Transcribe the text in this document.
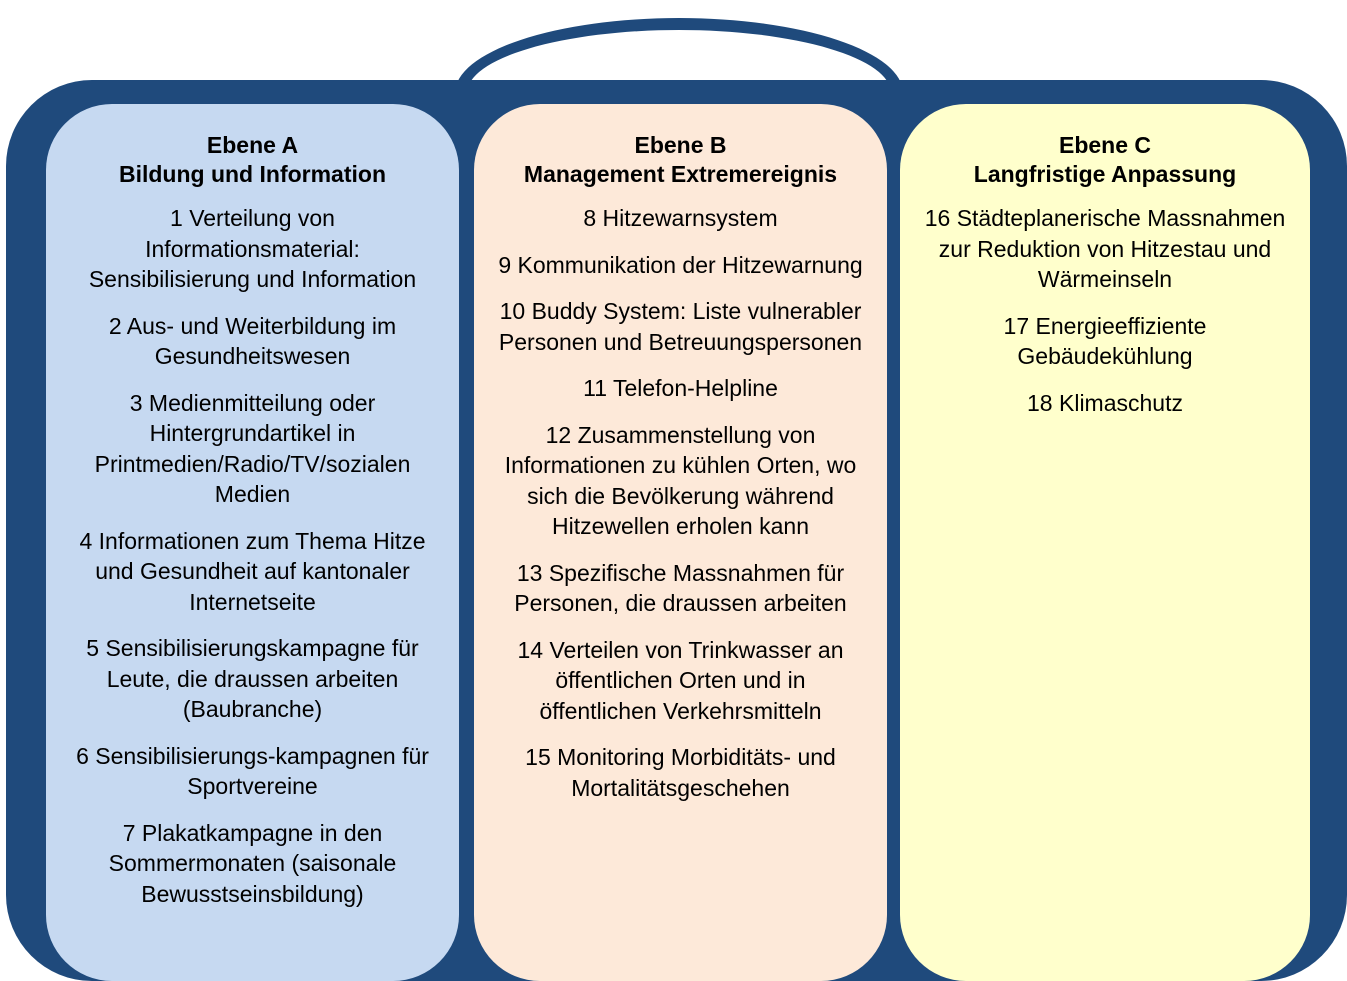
Ebene A
Bildung und Information
1 Verteilung von Informationsmaterial: Sensibilisierung und Information
2 Aus- und Weiterbildung im Gesundheitswesen
3 Medienmitteilung oder Hintergrundartikel in Printmedien/Radio/TV/sozialen Medien
4 Informationen zum Thema Hitze und Gesundheit auf kantonaler Internetseite
5 Sensibilisierungskampagne für Leute, die draussen arbeiten (Baubranche)
6 Sensibilisierungs-kampagnen für Sportvereine
7 Plakatkampagne in den Sommermonaten (saisonale Bewusstseinsbildung)
Ebene B
Management Extremereignis
8 Hitzewarnsystem
9 Kommunikation der Hitzewarnung
10 Buddy System: Liste vulnerabler Personen und Betreuungspersonen
11 Telefon-Helpline
12 Zusammenstellung von Informationen zu kühlen Orten, wo sich die Bevölkerung während Hitzewellen erholen kann
13 Spezifische Massnahmen für Personen, die draussen arbeiten
14 Verteilen von Trinkwasser an öffentlichen Orten und in öffentlichen Verkehrsmitteln
15 Monitoring Morbiditäts- und Mortalitätsgeschehen
Ebene C
Langfristige Anpassung
16 Städteplanerische Massnahmen zur Reduktion von Hitzestau und Wärmeinseln
17 Energieeffiziente Gebäudekühlung
18 Klimaschutz
